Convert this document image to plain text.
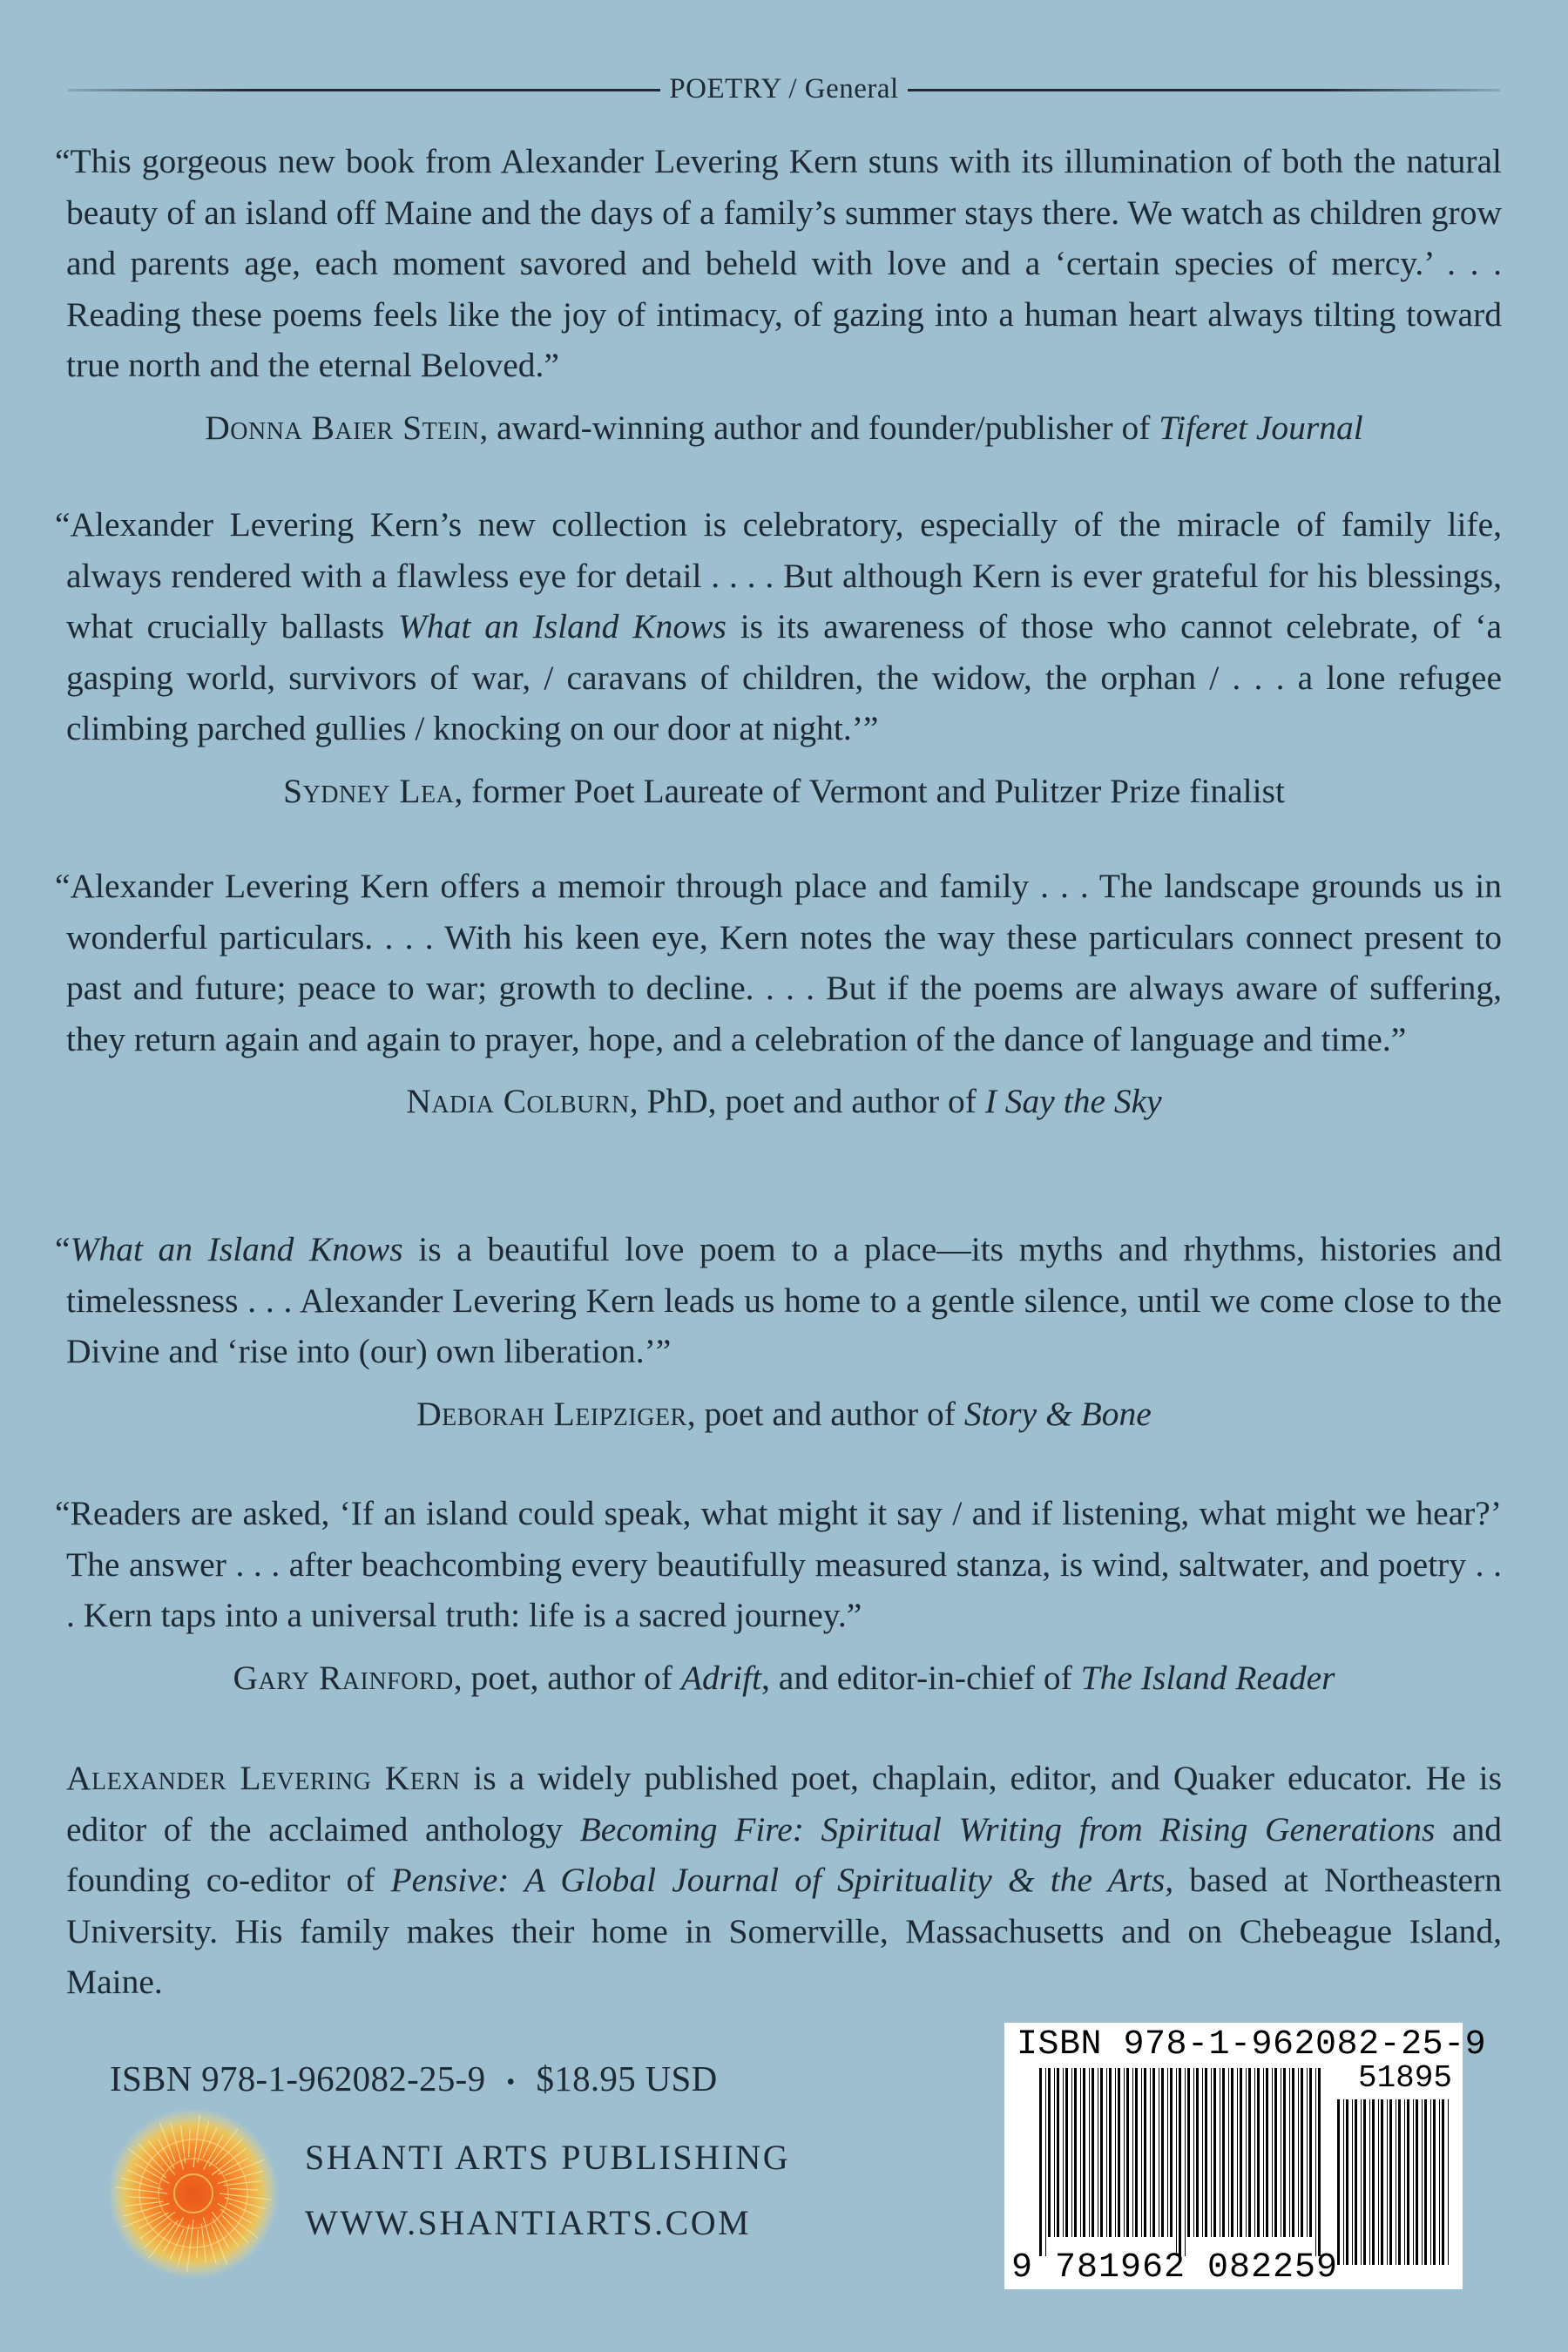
POETRY / General

“This gorgeous new book from Alexander Levering Kern stuns with its illumination of both the natural beauty of an island off Maine and the days of a family’s summer stays there. We watch as children grow and parents age, each moment savored and beheld with love and a ‘certain species of mercy.’ . . . Reading these poems feels like the joy of intimacy, of gazing into a human heart always tilting toward true north and the eternal Beloved.”

Donna Baier Stein, award-winning author and founder/publisher of Tiferet Journal

“Alexander Levering Kern’s new collection is celebratory, especially of the miracle of family life, always rendered with a flawless eye for detail . . . . But although Kern is ever grateful for his blessings, what crucially ballasts What an Island Knows is its awareness of those who cannot celebrate, of ‘a gasping world, survivors of war, / caravans of children, the widow, the orphan / . . . a lone refugee climbing parched gullies / knocking on our door at night.’”

Sydney Lea, former Poet Laureate of Vermont and Pulitzer Prize finalist

“Alexander Levering Kern offers a memoir through place and family . . . The landscape grounds us in wonderful particulars. . . . With his keen eye, Kern notes the way these particulars connect present to past and future; peace to war; growth to decline. . . . But if the poems are always aware of suffering, they return again and again to prayer, hope, and a celebration of the dance of language and time.”

Nadia Colburn, PhD, poet and author of I Say the Sky

“What an Island Knows is a beautiful love poem to a place—its myths and rhythms, histories and timelessness . . . Alexander Levering Kern leads us home to a gentle silence, until we come close to the Divine and ‘rise into (our) own liberation.’”

Deborah Leipziger, poet and author of Story & Bone

“Readers are asked, ‘If an island could speak, what might it say / and if listening, what might we hear?’ The answer . . . after beachcombing every beautifully measured stanza, is wind, saltwater, and poetry . . . Kern taps into a universal truth: life is a sacred journey.”

Gary Rainford, poet, author of Adrift, and editor-in-chief of The Island Reader

Alexander Levering Kern is a widely published poet, chaplain, editor, and Quaker educator. He is editor of the acclaimed anthology Becoming Fire: Spiritual Writing from Rising Generations and founding co-editor of Pensive: A Global Journal of Spirituality & the Arts, based at Northeastern University. His family makes their home in Somerville, Massachusetts and on Chebeague Island, Maine.

ISBN 978-1-962082-25-9 • $18.95 USD
SHANTI ARTS PUBLISHING
WWW.SHANTIARTS.COM
ISBN 978-1-962082-25-9
51895
9 781962 082259
